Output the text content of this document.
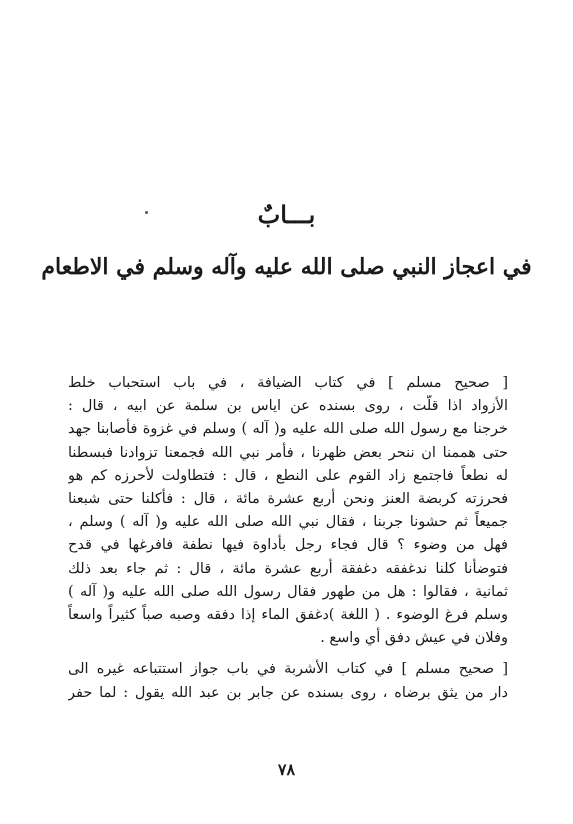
بـــابٌ
في اعجاز النبي صلى الله عليه وآله وسلم في الاطعام
[ صحيح مسلم ] في كتاب الضيافة ، في باب استحباب خلط
الأزواد اذا قلّت ، روى بسنده عن اياس بن سلمة عن ابيه ، قال :
خرجنا مع رسول الله صلى الله عليه و( آله ) وسلم في غزوة فأصابنا جهد
حتى هممنا ان ننحر بعض ظهرنا ، فأمر نبي الله فجمعنا تزوادنا فبسطنا
له نطعاً فاجتمع زاد القوم على النطع ، قال : فتطاولت لأحرزه كم هو
فحرزته كربضة العنز ونحن أربع عشرة مائة ، قال : فأكلنا حتى شبعنا
جميعاً ثم حشونا جربنا ، فقال نبي الله صلى الله عليه و( آله ) وسلم ،
فهل من وضوء ؟ قال فجاء رجل بأداوة فيها نطفة فافرغها في قدح
فتوضأنا كلنا ندغفقه دغفقة أربع عشرة مائة ، قال : ثم جاء بعد ذلك
ثمانية ، فقالوا : هل من طهور فقال رسول الله صلى الله عليه و( آله )
وسلم فرغ الوضوء . ( اللغة )دغفق الماء إذا دفقه وصبه صباً كثيراً واسعاً
وفلان في عيش دفق أي واسع .
[ صحيح مسلم ] في كتاب الأشربة في باب جواز استتباعه غيره الى
دار من يثق برضاه ، روى بسنده عن جابر بن عبد الله يقول : لما حفر
٧٨
